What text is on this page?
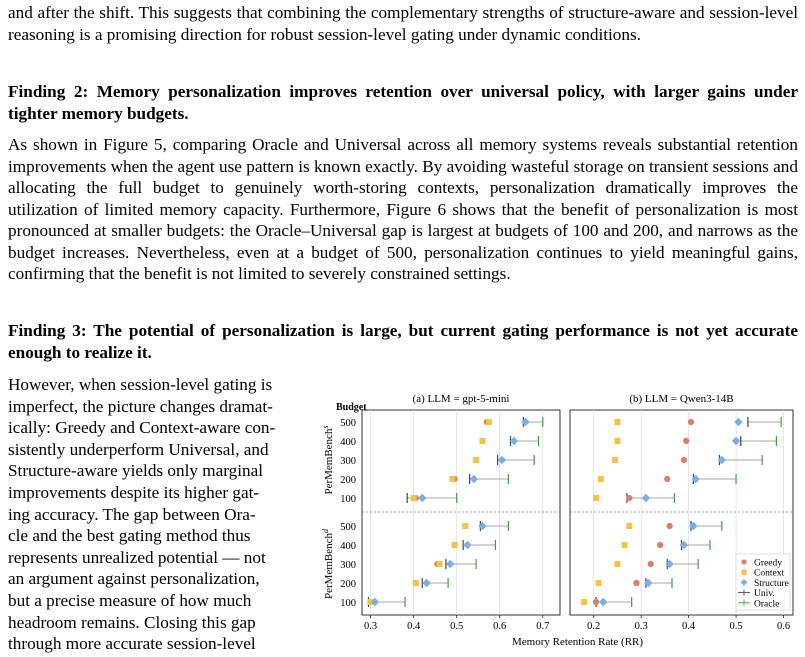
and after the shift. This suggests that combining the complementary strengths of structure-aware and session-level reasoning is a promising direction for robust session-level gating under dynamic conditions.

Finding 2: Memory personalization improves retention over universal policy, with larger gains under tighter memory budgets.

As shown in Figure 5, comparing Oracle and Universal across all memory systems reveals substantial retention improvements when the agent use pattern is known exactly. By avoiding wasteful storage on transient sessions and allocating the full budget to genuinely worth-storing contexts, personalization dramatically improves the utilization of limited memory capacity. Furthermore, Figure 6 shows that the benefit of personalization is most pronounced at smaller budgets: the Oracle–Universal gap is largest at budgets of 100 and 200, and narrows as the budget increases. Nevertheless, even at a budget of 500, personalization continues to yield meaningful gains, confirming that the benefit is not limited to severely constrained settings.

Finding 3: The potential of personalization is large, but current gating performance is not yet accurate enough to realize it.

However, when session-level gating is
imperfect, the picture changes dramat-
ically: Greedy and Context-aware con-
sistently underperform Universal, and
Structure-aware yields only marginal
improvements despite its higher gat-
ing accuracy. The gap between Ora-
cle and the best gating method thus
represents unrealized potential — not
an argument against personalization,
but a precise measure of how much
headroom remains. Closing this gap
through more accurate session-level
Budget
PerMemBench$^s$
PerMemBench$^d$
500
400
300
200
100
500
400
300
200
100
0.3	0.4	0.5	0.6	0.7
(a) LLM = gpt-5-mini
0.2	0.3	0.4	0.5	0.6
(b) LLM = Qwen3-14B
Memory Retention Rate (RR)
Greedy
Context
Structure
Univ.
Oracle
